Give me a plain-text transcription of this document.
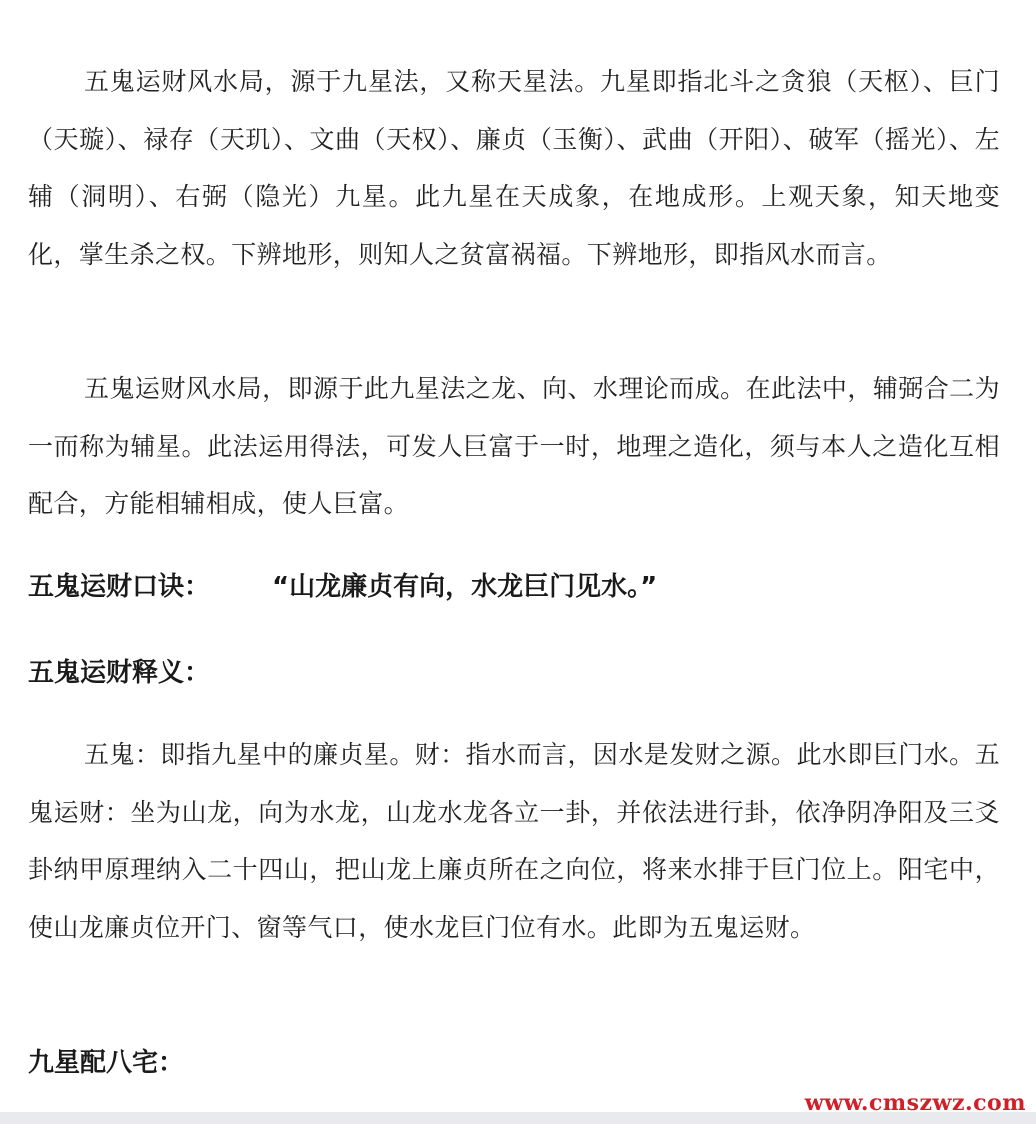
五鬼运财风水局，源于九星法，又称天星法。九星即指北斗之贪狼（天枢）、巨门（天璇）、禄存（天玑）、文曲（天权）、廉贞（玉衡）、武曲（开阳）、破军（摇光）、左辅（洞明）、右弼（隐光）九星。此九星在天成象，在地成形。上观天象，知天地变化，掌生杀之权。下辨地形，则知人之贫富祸福。下辨地形，即指风水而言。

五鬼运财风水局，即源于此九星法之龙、向、水理论而成。在此法中，辅弼合二为一而称为辅星。此法运用得法，可发人巨富于一时，地理之造化，须与本人之造化互相配合，方能相辅相成，使人巨富。

五鬼运财口诀： “山龙廉贞有向，水龙巨门见水。”
五鬼运财释义：

五鬼：即指九星中的廉贞星。财：指水而言，因水是发财之源。此水即巨门水。五鬼运财：坐为山龙，向为水龙，山龙水龙各立一卦，并依法进行卦，依净阴净阳及三爻卦纳甲原理纳入二十四山，把山龙上廉贞所在之向位，将来水排于巨门位上。阳宅中，使山龙廉贞位开门、窗等气口，使水龙巨门位有水。此即为五鬼运财。

九星配八宅：
www.cmszwz.com
